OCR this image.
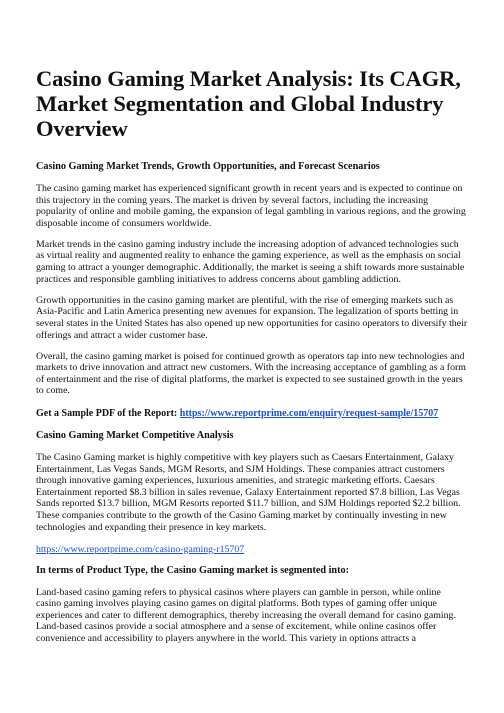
Casino Gaming Market Analysis: Its CAGR, Market Segmentation and Global Industry Overview
Casino Gaming Market Trends, Growth Opportunities, and Forecast Scenarios

The casino gaming market has experienced significant growth in recent years and is expected to continue on this trajectory in the coming years. The market is driven by several factors, including the increasing popularity of online and mobile gaming, the expansion of legal gambling in various regions, and the growing disposable income of consumers worldwide.

Market trends in the casino gaming industry include the increasing adoption of advanced technologies such as virtual reality and augmented reality to enhance the gaming experience, as well as the emphasis on social gaming to attract a younger demographic. Additionally, the market is seeing a shift towards more sustainable practices and responsible gambling initiatives to address concerns about gambling addiction.

Growth opportunities in the casino gaming market are plentiful, with the rise of emerging markets such as Asia-Pacific and Latin America presenting new avenues for expansion. The legalization of sports betting in several states in the United States has also opened up new opportunities for casino operators to diversify their offerings and attract a wider customer base.

Overall, the casino gaming market is poised for continued growth as operators tap into new technologies and markets to drive innovation and attract new customers. With the increasing acceptance of gambling as a form of entertainment and the rise of digital platforms, the market is expected to see sustained growth in the years to come.

Get a Sample PDF of the Report: https://www.reportprime.com/enquiry/request-sample/15707
Casino Gaming Market Competitive Analysis

The Casino Gaming market is highly competitive with key players such as Caesars Entertainment, Galaxy Entertainment, Las Vegas Sands, MGM Resorts, and SJM Holdings. These companies attract customers through innovative gaming experiences, luxurious amenities, and strategic marketing efforts. Caesars Entertainment reported $8.3 billion in sales revenue, Galaxy Entertainment reported $7.8 billion, Las Vegas Sands reported $13.7 billion, MGM Resorts reported $11.7 billion, and SJM Holdings reported $2.2 billion. These companies contribute to the growth of the Casino Gaming market by continually investing in new technologies and expanding their presence in key markets.

https://www.reportprime.com/casino-gaming-r15707
In terms of Product Type, the Casino Gaming market is segmented into:

Land-based casino gaming refers to physical casinos where players can gamble in person, while online casino gaming involves playing casino games on digital platforms. Both types of gaming offer unique experiences and cater to different demographics, thereby increasing the overall demand for casino gaming. Land-based casinos provide a social atmosphere and a sense of excitement, while online casinos offer convenience and accessibility to players anywhere in the world. This variety in options attracts a
